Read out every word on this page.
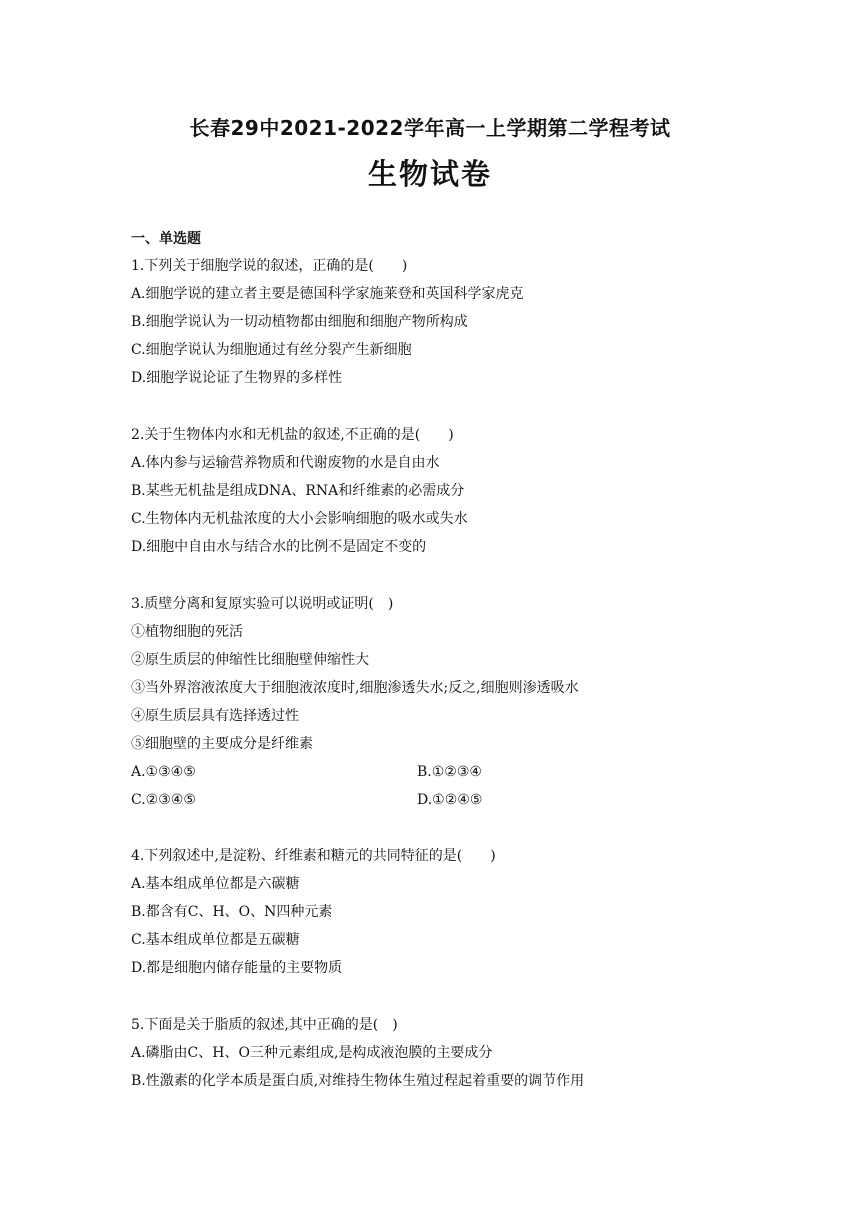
长春29中2021-2022学年高一上学期第二学程考试
生物试卷
一、单选题
1.下列关于细胞学说的叙述，正确的是(　　)
A.细胞学说的建立者主要是德国科学家施莱登和英国科学家虎克
B.细胞学说认为一切动植物都由细胞和细胞产物所构成
C.细胞学说认为细胞通过有丝分裂产生新细胞
D.细胞学说论证了生物界的多样性
2.关于生物体内水和无机盐的叙述,不正确的是(　　)
A.体内参与运输营养物质和代谢废物的水是自由水
B.某些无机盐是组成DNA、RNA和纤维素的必需成分
C.生物体内无机盐浓度的大小会影响细胞的吸水或失水
D.细胞中自由水与结合水的比例不是固定不变的
3.质壁分离和复原实验可以说明或证明(　)
①植物细胞的死活
②原生质层的伸缩性比细胞壁伸缩性大
③当外界溶液浓度大于细胞液浓度时,细胞渗透失水;反之,细胞则渗透吸水
④原生质层具有选择透过性
⑤细胞壁的主要成分是纤维素
A.①③④⑤	B.①②③④
C.②③④⑤	D.①②④⑤
4.下列叙述中,是淀粉、纤维素和糖元的共同特征的是(　　)
A.基本组成单位都是六碳糖
B.都含有C、H、O、N四种元素
C.基本组成单位都是五碳糖
D.都是细胞内储存能量的主要物质
5.下面是关于脂质的叙述,其中正确的是(　)
A.磷脂由C、H、O三种元素组成,是构成液泡膜的主要成分
B.性激素的化学本质是蛋白质,对维持生物体生殖过程起着重要的调节作用
